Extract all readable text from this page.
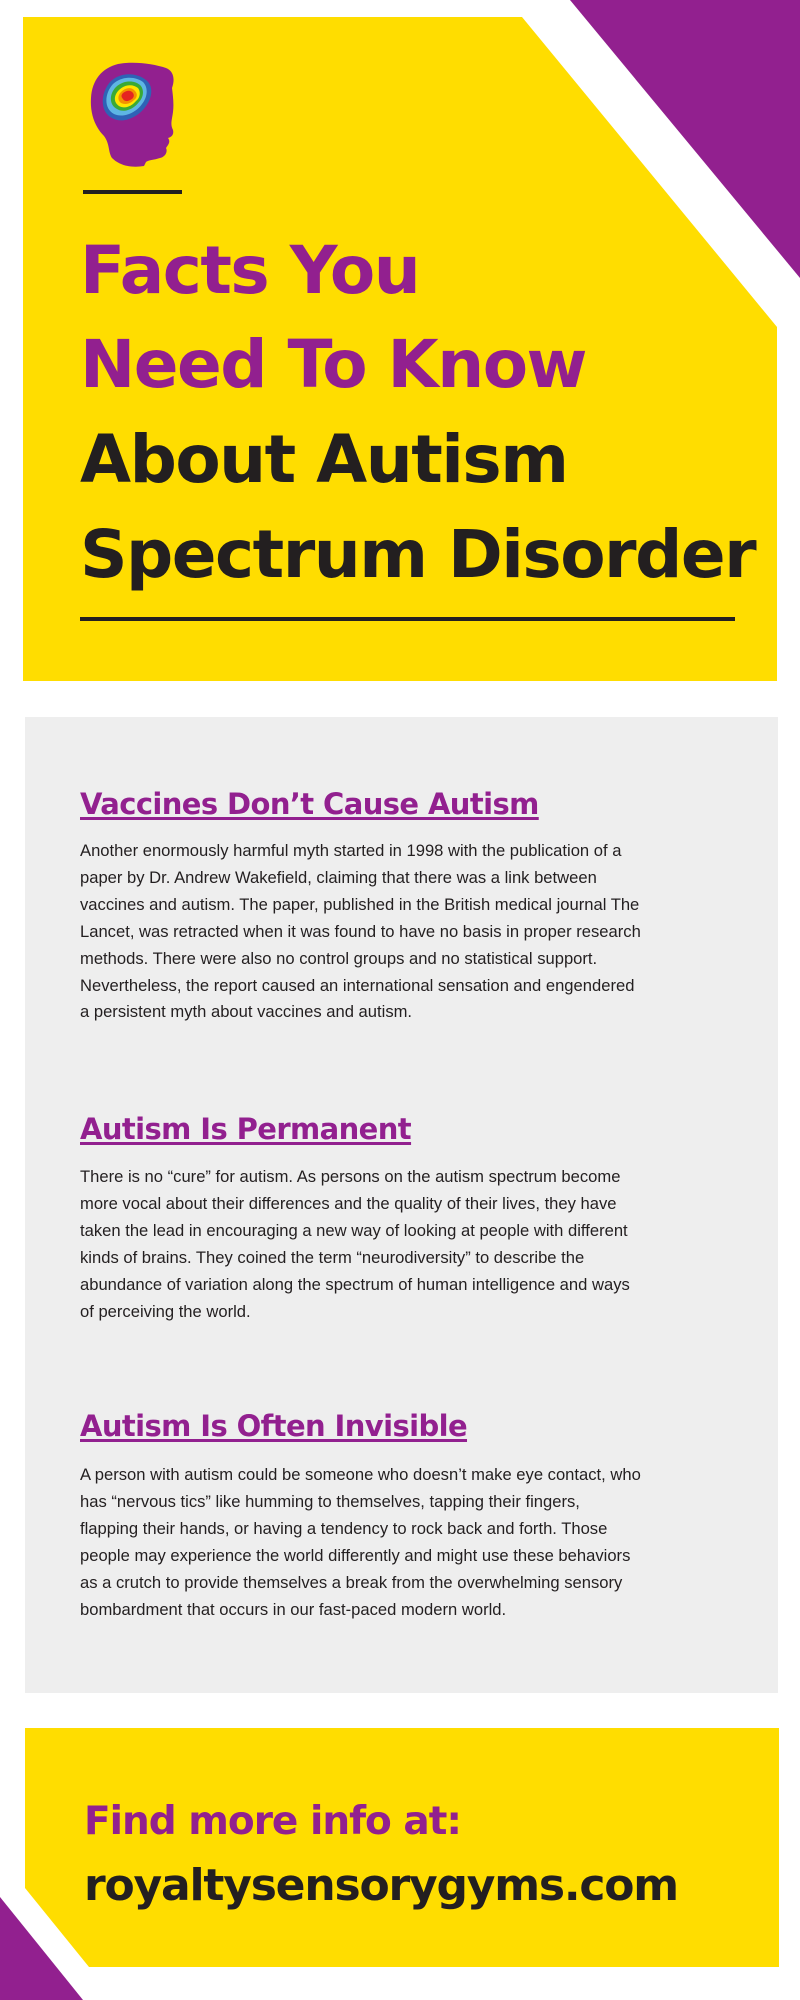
Facts You
Need To Know
About Autism
Spectrum Disorder
Vaccines Don’t Cause Autism
Another enormously harmful myth started in 1998 with the publication of a
paper by Dr. Andrew Wakefield, claiming that there was a link between
vaccines and autism. The paper, published in the British medical journal The
Lancet, was retracted when it was found to have no basis in proper research
methods. There were also no control groups and no statistical support.
Nevertheless, the report caused an international sensation and engendered
a persistent myth about vaccines and autism.
Autism Is Permanent
There is no “cure” for autism. As persons on the autism spectrum become
more vocal about their differences and the quality of their lives, they have
taken the lead in encouraging a new way of looking at people with different
kinds of brains. They coined the term “neurodiversity” to describe the
abundance of variation along the spectrum of human intelligence and ways
of perceiving the world.
Autism Is Often Invisible
A person with autism could be someone who doesn’t make eye contact, who
has “nervous tics” like humming to themselves, tapping their fingers,
flapping their hands, or having a tendency to rock back and forth. Those
people may experience the world differently and might use these behaviors
as a crutch to provide themselves a break from the overwhelming sensory
bombardment that occurs in our fast-paced modern world.
Find more info at:
royaltysensorygyms.com
